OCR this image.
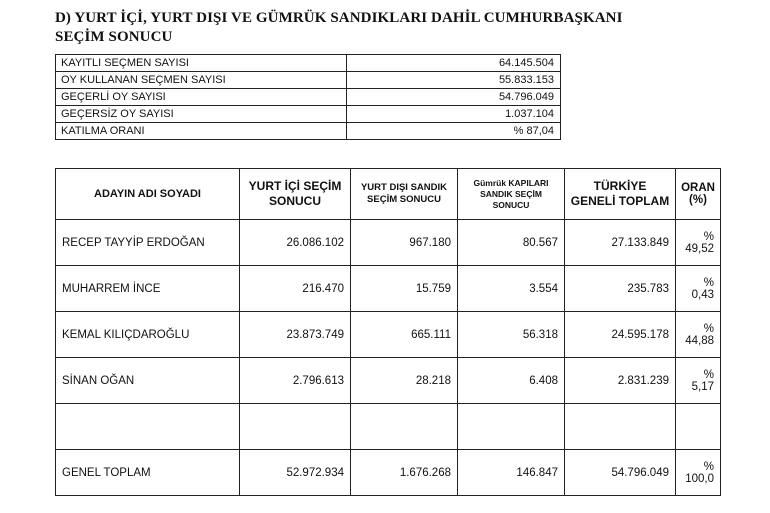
D) YURT İÇİ, YURT DIŞI VE GÜMRÜK SANDIKLARI DAHİL CUMHURBAŞKANI
SEÇİM SONUCU
KAYITLI SEÇMEN SAYISI	64.145.504
OY KULLANAN SEÇMEN SAYISI	55.833.153
GEÇERLİ OY SAYISI	54.796.049
GEÇERSİZ OY SAYISI	1.037.104
KATILMA ORANI	% 87,04
ADAYIN ADI SOYADI	YURT İÇİ SEÇİM SONUCU	YURT DIŞI SANDIK SEÇİM SONUCU	Gümrük KAPILARI SANDIK SEÇİM SONUCU	TÜRKİYE GENELİ TOPLAM	ORAN (%)
RECEP TAYYİP ERDOĞAN	26.086.102	967.180	80.567	27.133.849	% 49,52
MUHARREM İNCE	216.470	15.759	3.554	235.783	% 0,43
KEMAL KILIÇDAROĞLU	23.873.749	665.111	56.318	24.595.178	% 44,88
SİNAN OĞAN	2.796.613	28.218	6.408	2.831.239	% 5,17

GENEL TOPLAM	52.972.934	1.676.268	146.847	54.796.049	% 100,0
